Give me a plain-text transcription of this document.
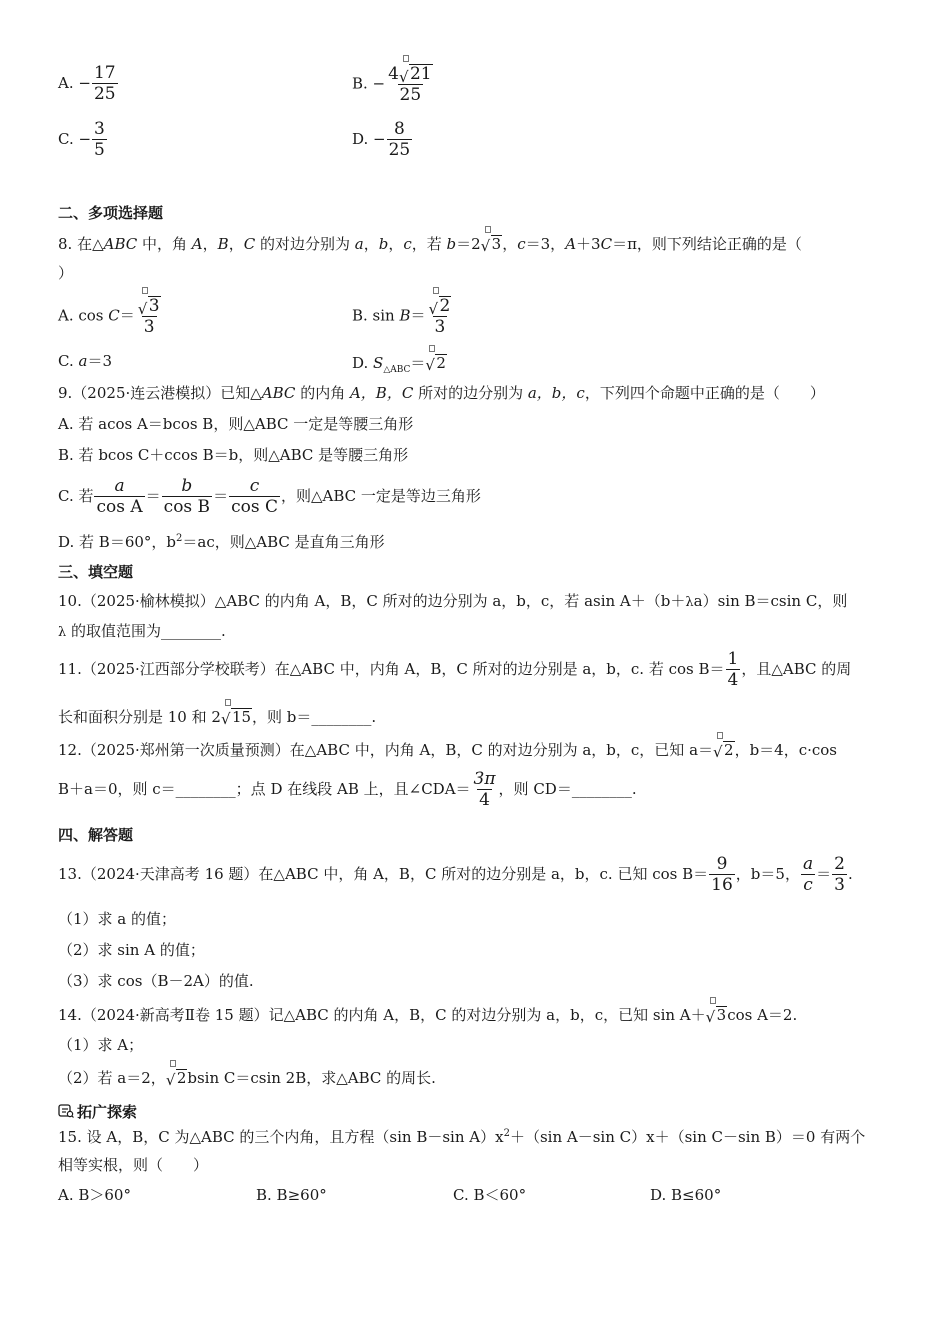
A. − $\frac{17}{25}$	B. − $\frac{4 √ 21}{25}$
C. − $\frac{3}{5}$	D. − $\frac{8}{25}$
二、多项选择题
8. 在△ABC 中，角 A，B，C 的对边分别为 a，b，c，若 b＝2 √ 3，c＝3，A＋3C＝π，则下列结论正确的是（
）
A. $\cos C= \frac{√ 3}{3}$	B. $\sin B= \frac{√ 2}{3}$
C. a＝3	D. $S_{\triangle ABC}=$ √ 2
9.（2025·连云港模拟）已知△ABC 的内角 A，B，C 所对的边分别为 a，b，c，下列四个命题中正确的是（　　）
A. 若 acos A＝bcos B，则△ABC 一定是等腰三角形
B. 若 bcos C＋ccos B＝b，则△ABC 是等腰三角形
C. 若 $\frac{a}{\text{cos A}} = \frac{b}{\text{cos B}} = \frac{c}{\text{cos C}}$ ，则△ABC 一定是等边三角形
D. 若 B＝60°，$b^2=ac$，则△ABC 是直角三角形
三、填空题
10.（2025·榆林模拟）△ABC 的内角 A，B，C 所对的边分别为 a，b，c，若 asin A＋（b＋λa）sin B＝csin C，则
λ 的取值范围为________.
11.（2025·江西部分学校联考）在△ABC 中，内角 A，B，C 所对的边分别是 a，b，c. 若 $\cos B= \frac{1}{4}$ ，且△ABC 的周
长和面积分别是 10 和 2 √ 15，则 b＝________.
12.（2025·郑州第一次质量预测）在△ABC 中，内角 A，B，C 的对边分别为 a，b，c，已知 a＝ √ 2，b＝4，c·cos
B＋a＝0，则 c＝________；点 D 在线段 AB 上，且∠CDA＝ $\frac{3\pi}{4}$ ，则 CD＝________.
四、解答题
13.（2024·天津高考 16 题）在△ABC 中，角 A，B，C 所对的边分别是 a，b，c. 已知 $\cos B= \frac{9}{16}$ ，b＝5， $\frac{a}{c} = \frac{2}{3}$ .
（1）求 a 的值；
（2）求 sin A 的值；
（3）求 cos（B－2A）的值.
14.（2024·新高考Ⅱ卷 15 题）记△ABC 的内角 A，B，C 的对边分别为 a，b，c，已知 sin A＋ √ 3cos A＝2.
（1）求 A；
（2）若 a＝2， √ 2bsin C＝csin 2B，求△ABC 的周长.
拓广探索
15. 设 A，B，C 为△ABC 的三个内角，且方程（sin B－sin $A)x^2+(\sin$ A－sin C）x＋（sin C－sin B）＝0 有两个
相等实根，则（　　）
A. B＞60°	B. B≥60°	C. B＜60°	D. B≤60°
